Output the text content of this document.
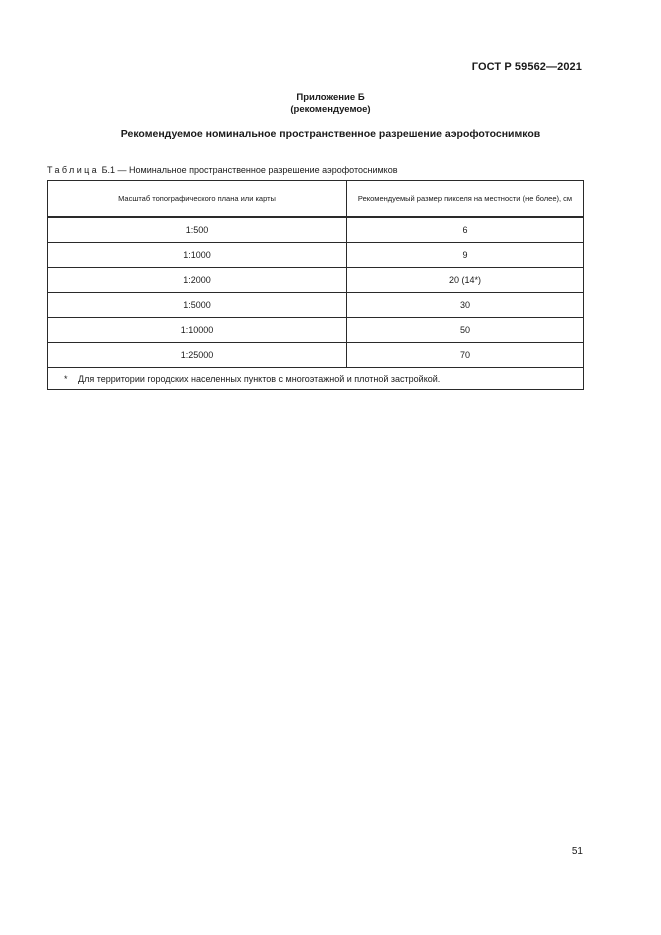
ГОСТ Р 59562—2021
Приложение Б
(рекомендуемое)
Рекомендуемое номинальное пространственное разрешение аэрофотоснимков
Таблица Б.1 — Номинальное пространственное разрешение аэрофотоснимков
Масштаб топографического плана или карты	Рекомендуемый размер пикселя на местности (не более), см
1:500	6
1:1000	9
1:2000	20 (14*)
1:5000	30
1:10000	50
1:25000	70
* Для территории городских населенных пунктов с многоэтажной и плотной застройкой.	
51
